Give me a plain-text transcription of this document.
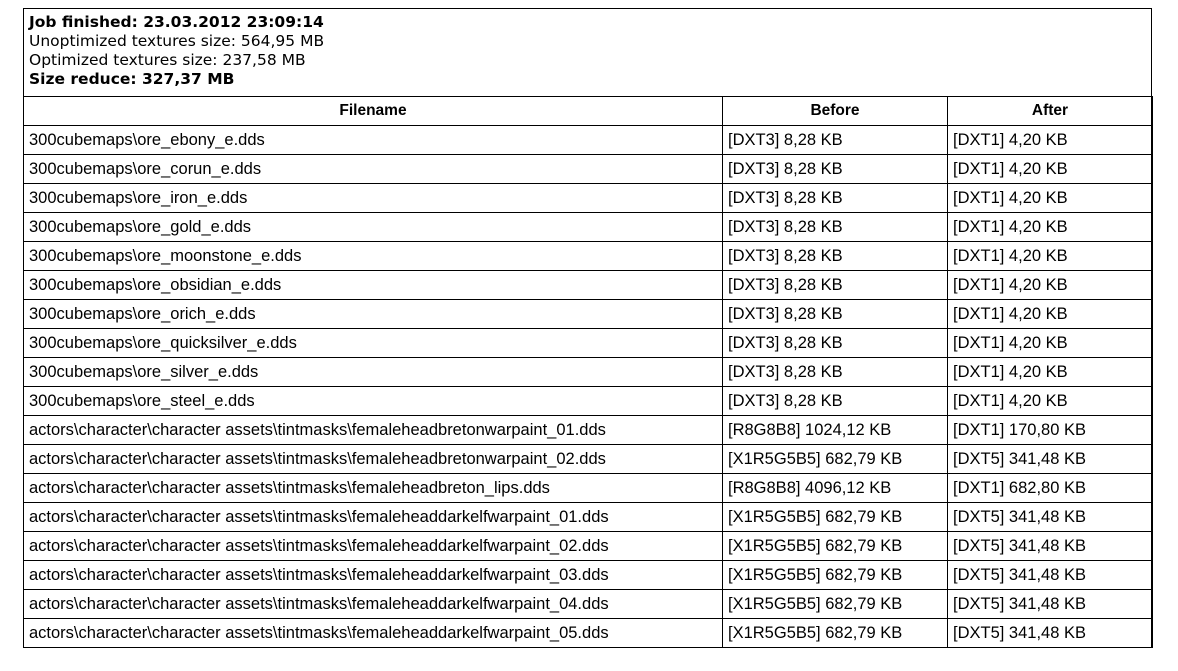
Job finished: 23.03.2012 23:09:14
Unoptimized textures size: 564,95 MB
Optimized textures size: 237,58 MB
Size reduce: 327,37 MB
Filename	Before	After
300cubemaps\ore_ebony_e.dds	[DXT3] 8,28 KB	[DXT1] 4,20 KB
300cubemaps\ore_corun_e.dds	[DXT3] 8,28 KB	[DXT1] 4,20 KB
300cubemaps\ore_iron_e.dds	[DXT3] 8,28 KB	[DXT1] 4,20 KB
300cubemaps\ore_gold_e.dds	[DXT3] 8,28 KB	[DXT1] 4,20 KB
300cubemaps\ore_moonstone_e.dds	[DXT3] 8,28 KB	[DXT1] 4,20 KB
300cubemaps\ore_obsidian_e.dds	[DXT3] 8,28 KB	[DXT1] 4,20 KB
300cubemaps\ore_orich_e.dds	[DXT3] 8,28 KB	[DXT1] 4,20 KB
300cubemaps\ore_quicksilver_e.dds	[DXT3] 8,28 KB	[DXT1] 4,20 KB
300cubemaps\ore_silver_e.dds	[DXT3] 8,28 KB	[DXT1] 4,20 KB
300cubemaps\ore_steel_e.dds	[DXT3] 8,28 KB	[DXT1] 4,20 KB
actors\character\character assets\tintmasks\femaleheadbretonwarpaint_01.dds	[R8G8B8] 1024,12 KB	[DXT1] 170,80 KB
actors\character\character assets\tintmasks\femaleheadbretonwarpaint_02.dds	[X1R5G5B5] 682,79 KB	[DXT5] 341,48 KB
actors\character\character assets\tintmasks\femaleheadbreton_lips.dds	[R8G8B8] 4096,12 KB	[DXT1] 682,80 KB
actors\character\character assets\tintmasks\femaleheaddarkelfwarpaint_01.dds	[X1R5G5B5] 682,79 KB	[DXT5] 341,48 KB
actors\character\character assets\tintmasks\femaleheaddarkelfwarpaint_02.dds	[X1R5G5B5] 682,79 KB	[DXT5] 341,48 KB
actors\character\character assets\tintmasks\femaleheaddarkelfwarpaint_03.dds	[X1R5G5B5] 682,79 KB	[DXT5] 341,48 KB
actors\character\character assets\tintmasks\femaleheaddarkelfwarpaint_04.dds	[X1R5G5B5] 682,79 KB	[DXT5] 341,48 KB
actors\character\character assets\tintmasks\femaleheaddarkelfwarpaint_05.dds	[X1R5G5B5] 682,79 KB	[DXT5] 341,48 KB
